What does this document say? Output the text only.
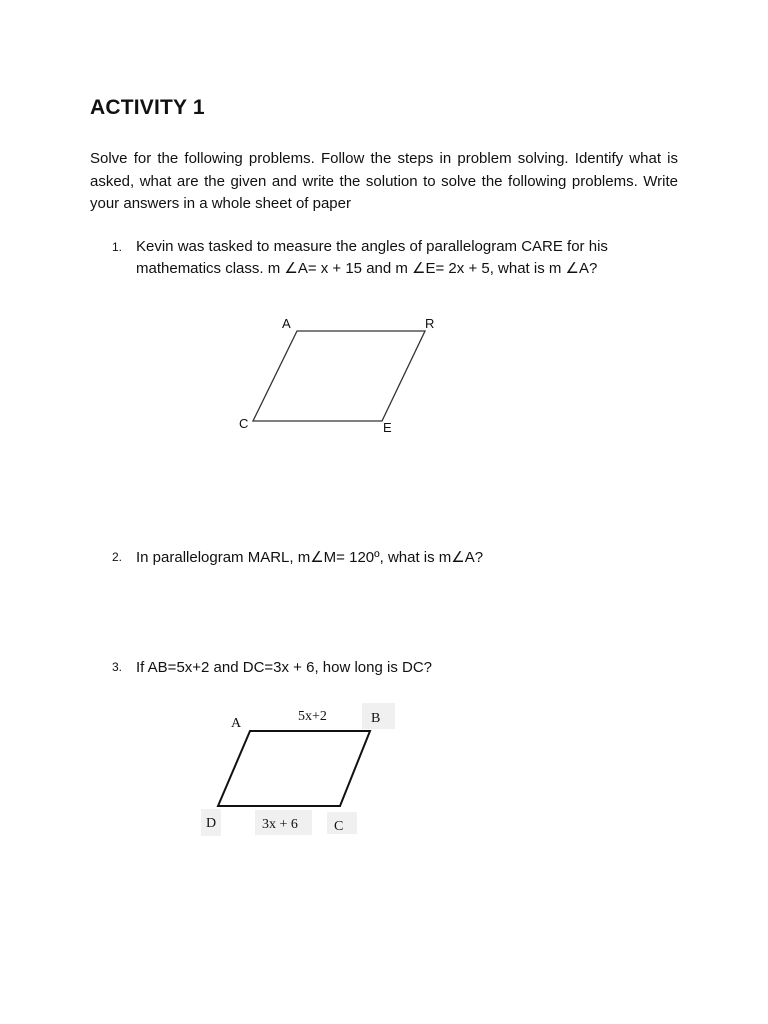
ACTIVITY 1
Solve for the following problems. Follow the steps in problem solving. Identify what is asked, what are the given and write the solution to solve the following problems. Write your answers in a whole sheet of paper
1. Kevin was tasked to measure the angles of parallelogram CARE for his mathematics class. m ∠A= x + 15 and m ∠E= 2x + 5, what is m ∠A?
2. In parallelogram MARL, m∠M= 120º, what is m∠A?
3. If AB=5x+2 and DC=3x + 6, how long is DC?
A	R
C	E
A	5x+2	B
D	3x + 6	C
